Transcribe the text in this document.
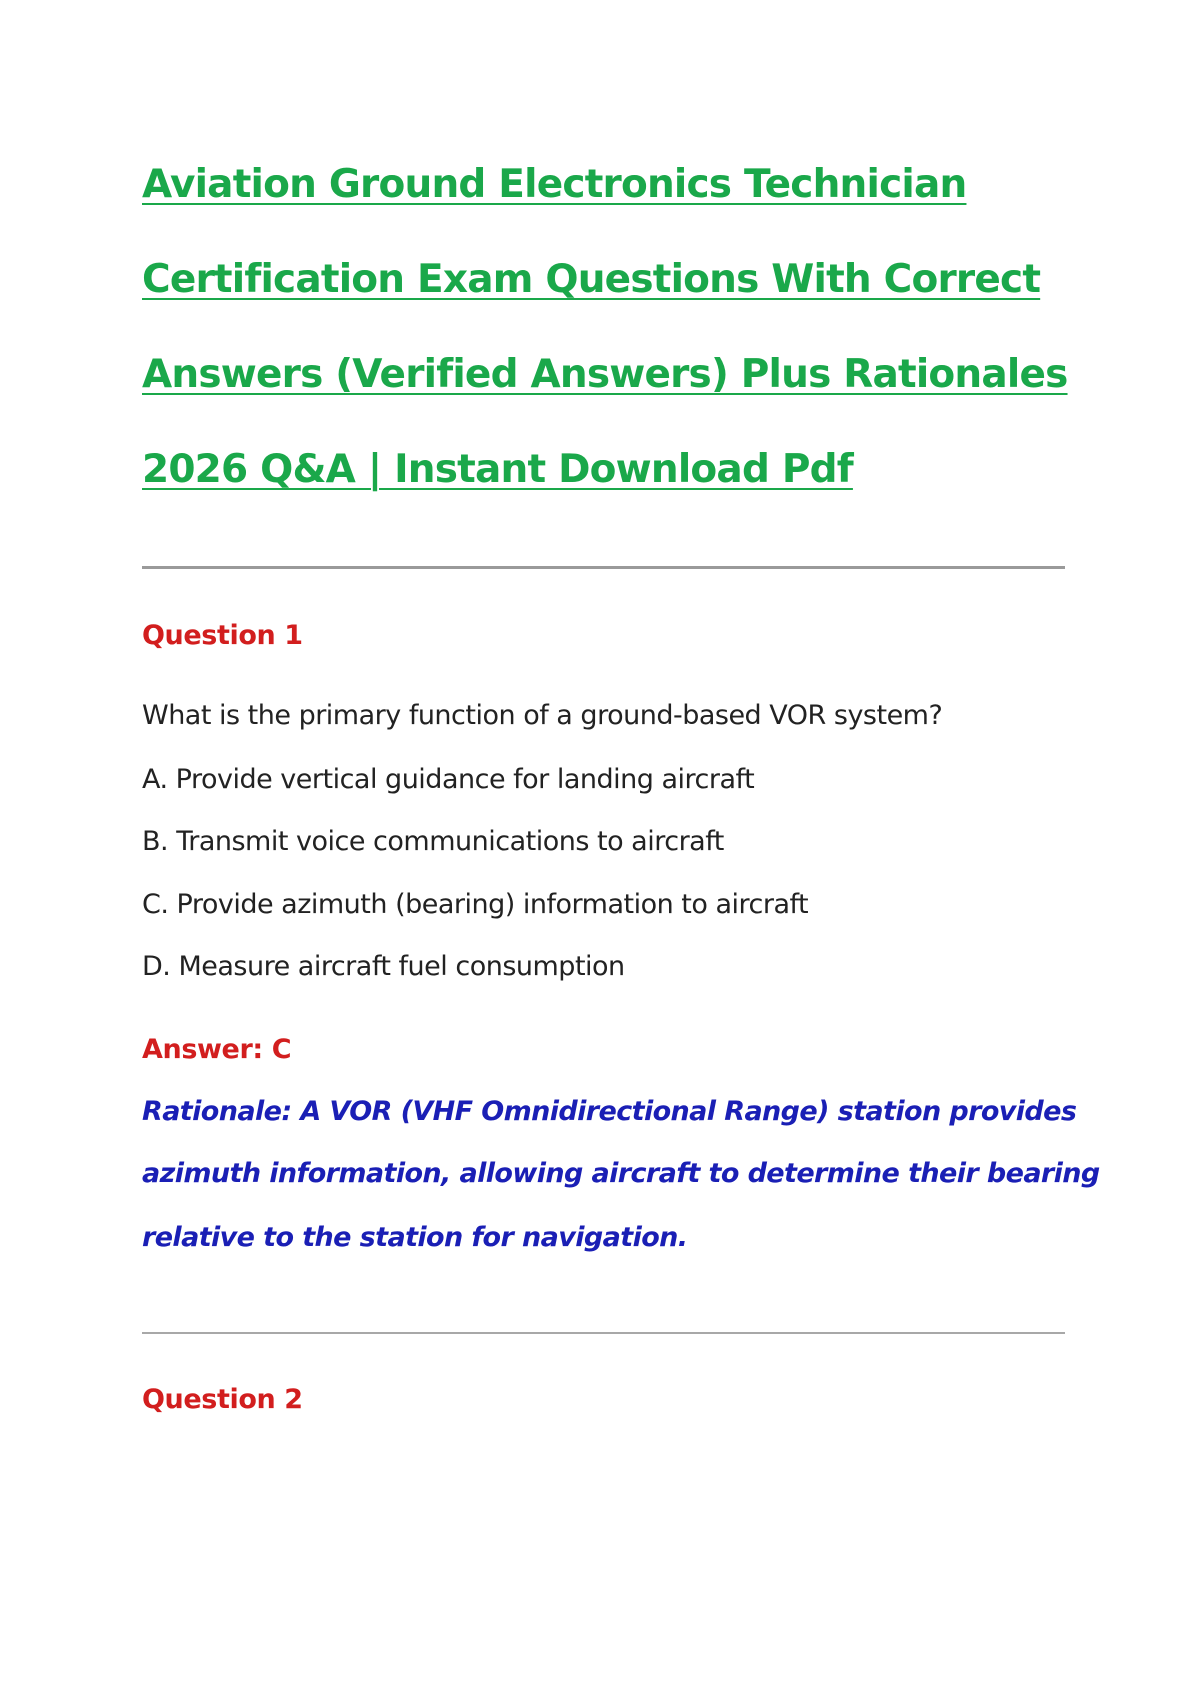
Aviation Ground Electronics Technician
Certification Exam Questions With Correct
Answers (Verified Answers) Plus Rationales
2026 Q&A | Instant Download Pdf
Question 1

What is the primary function of a ground-based VOR system?

A. Provide vertical guidance for landing aircraft

B. Transmit voice communications to aircraft

C. Provide azimuth (bearing) information to aircraft

D. Measure aircraft fuel consumption

Answer: C

Rationale: A VOR (VHF Omnidirectional Range) station provides

azimuth information, allowing aircraft to determine their bearing

relative to the station for navigation.

Question 2
